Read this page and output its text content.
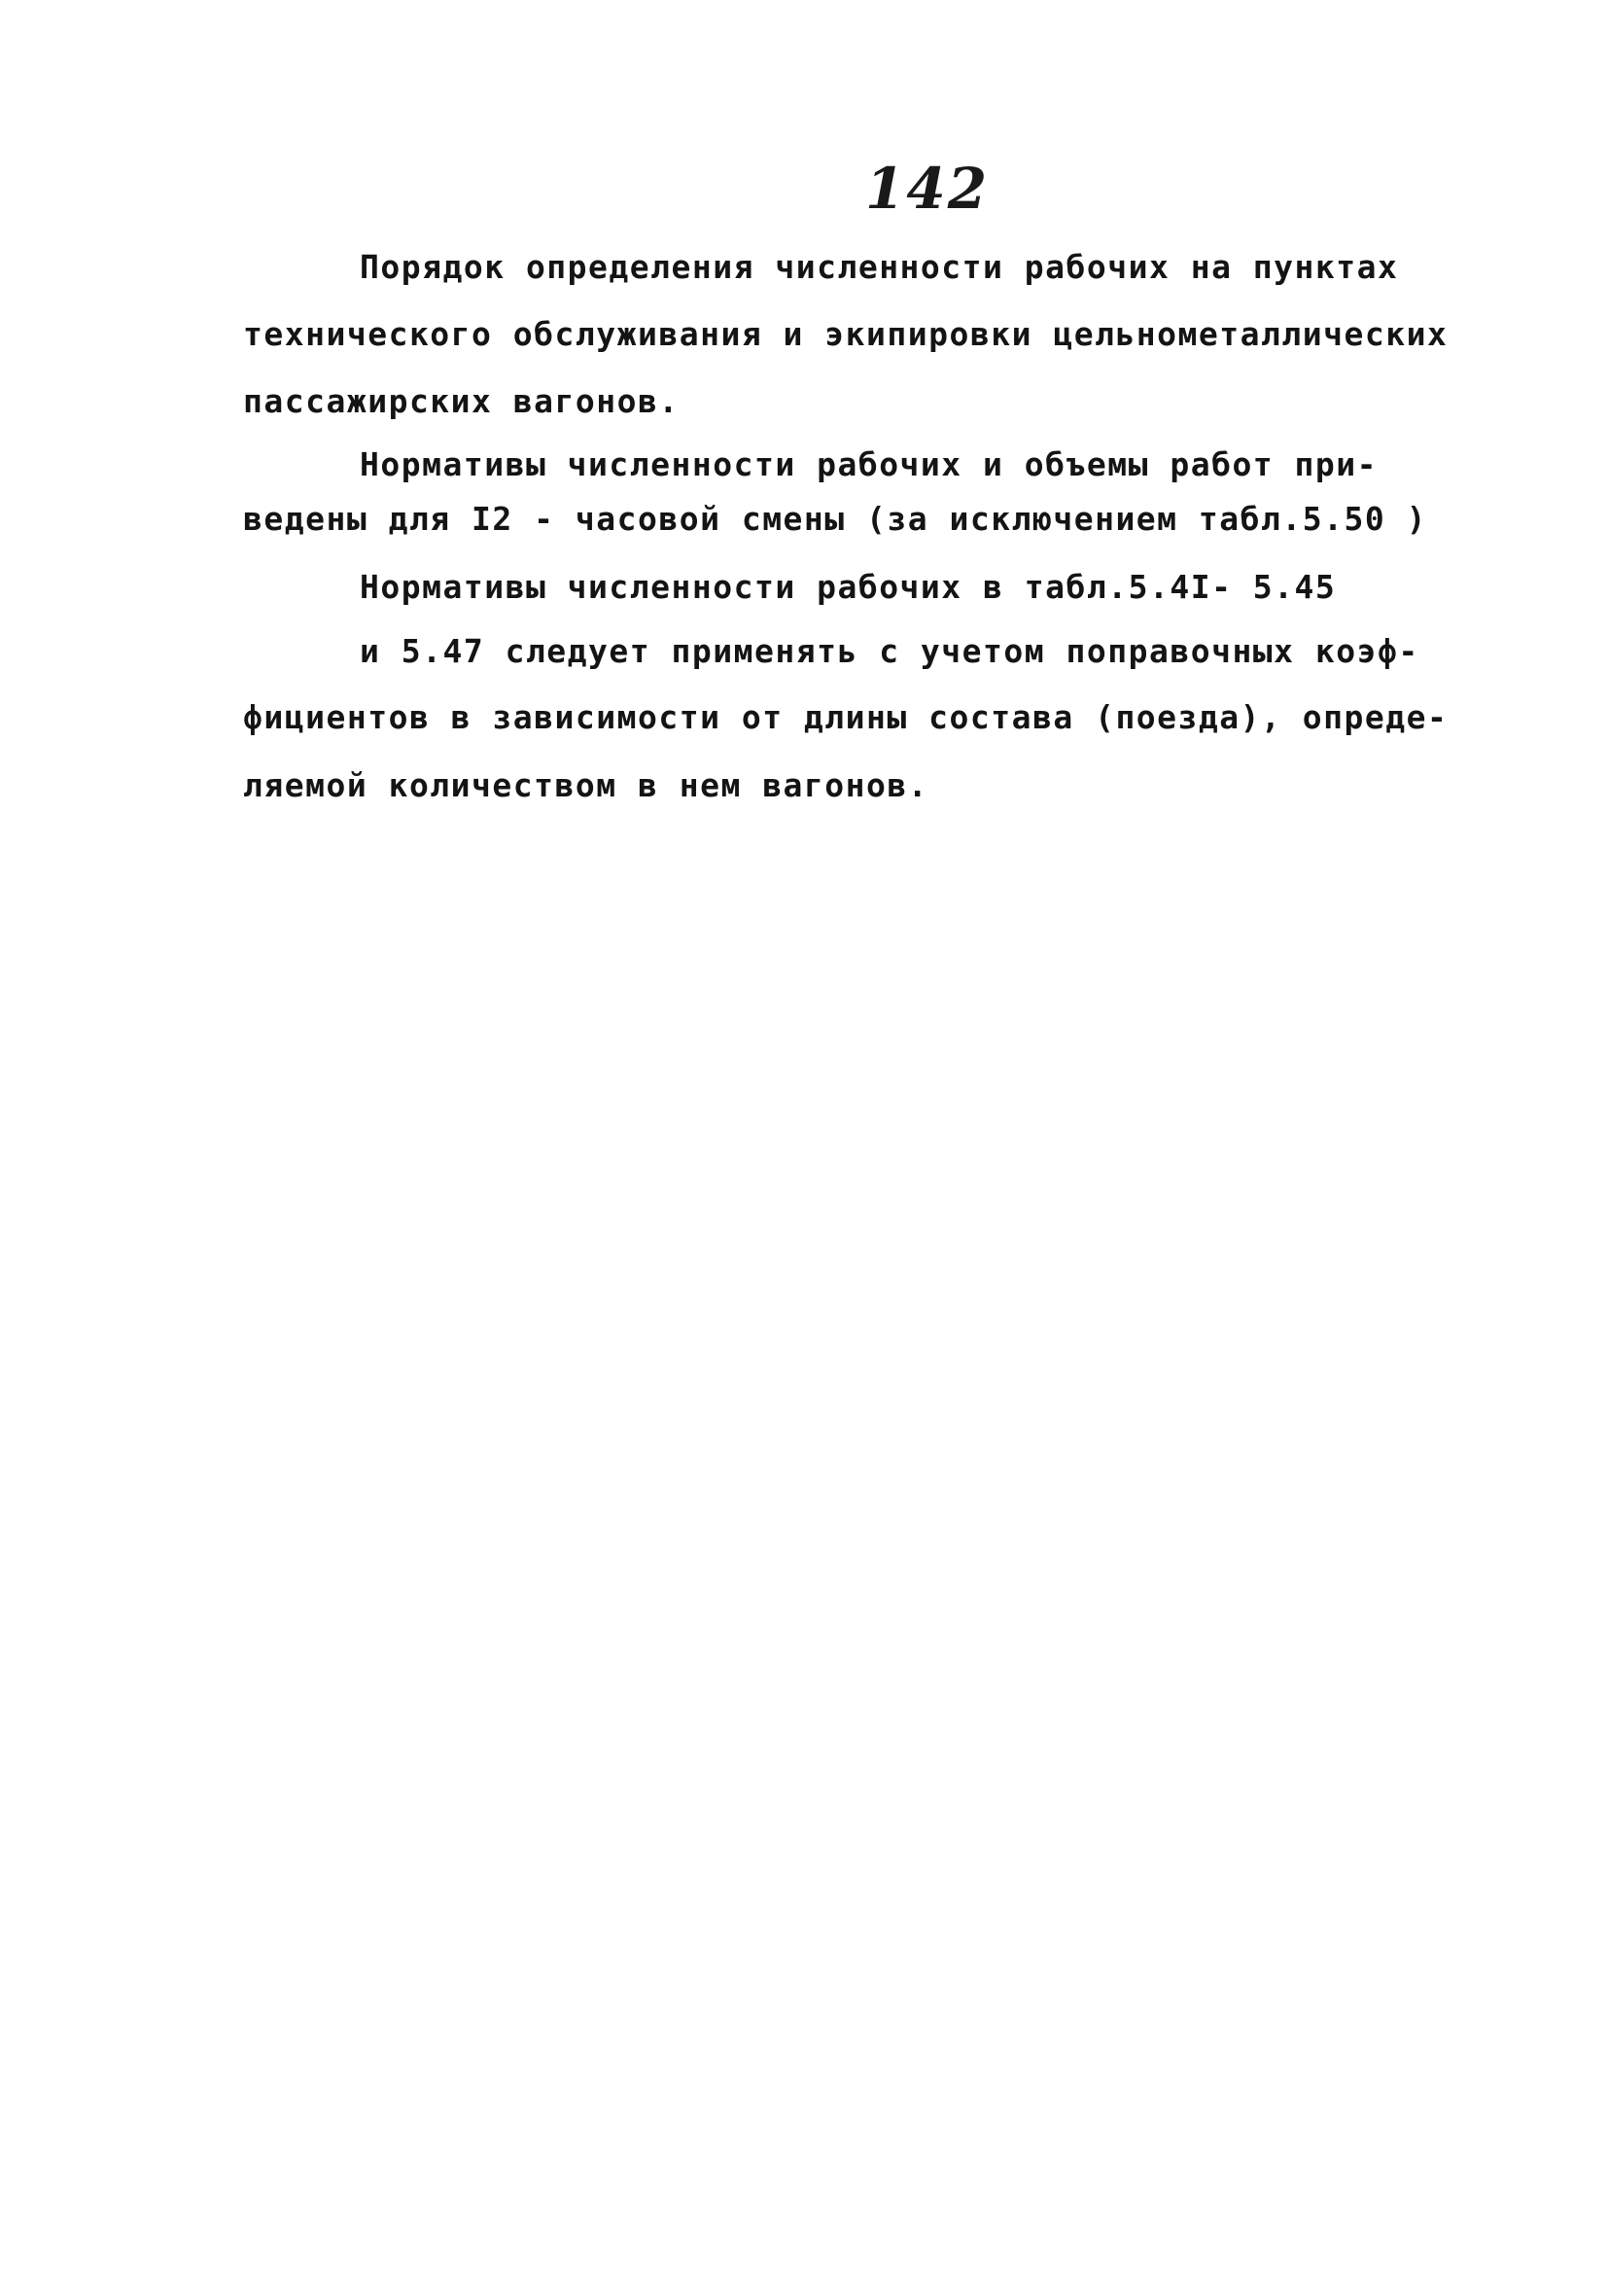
142
Порядок определения численности рабочих на пунктах
технического обслуживания и экипировки цельнометаллических
пассажирских вагонов.
Нормативы численности рабочих и объемы работ при-
ведены для I2 - часовой смены (за исключением табл.5.50 )
Нормативы численности рабочих в табл.5.4I- 5.45
и 5.47 следует применять с учетом поправочных коэф-
фициентов в зависимости от длины состава (поезда), опреде-
ляемой количеством в нем вагонов.
